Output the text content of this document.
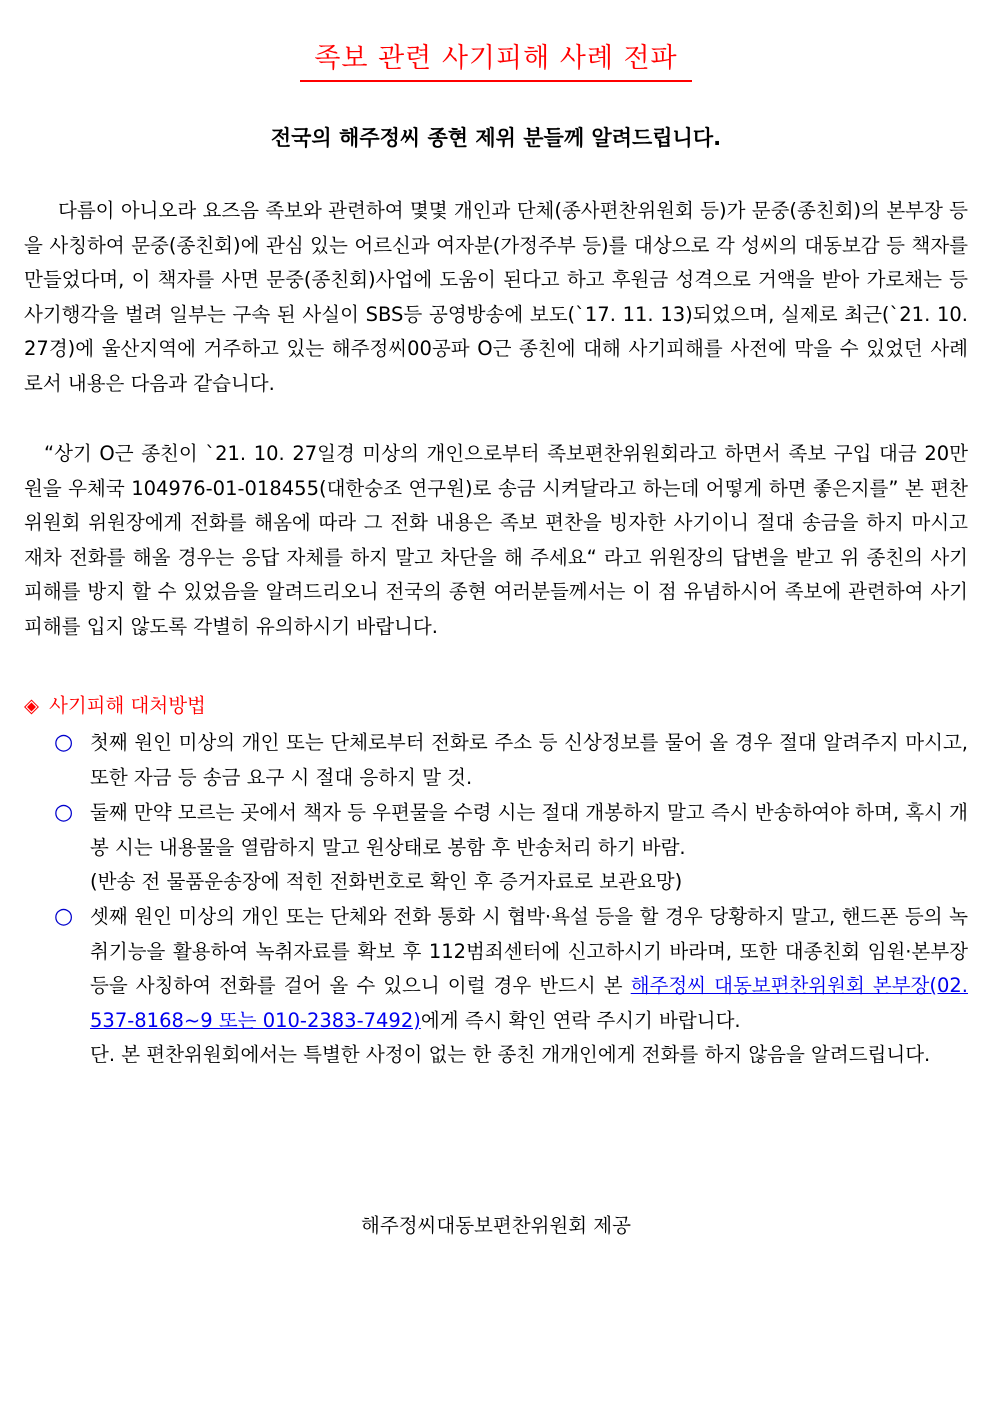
족보 관련 사기피해 사례 전파
전국의 해주정씨 종현 제위 분들께 알려드립니다.
다름이 아니오라 요즈음 족보와 관련하여 몇몇 개인과 단체(종사편찬위원회 등)가 문중(종친회)의 본부장 등을 사칭하여 문중(종친회)에 관심 있는 어르신과 여자분(가정주부 등)를 대상으로 각 성씨의 대동보감 등 책자를 만들었다며, 이 책자를 사면 문중(종친회)사업에 도움이 된다고 하고 후원금 성격으로 거액을 받아 가로채는 등 사기행각을 벌려 일부는 구속 된 사실이 SBS등 공영방송에 보도(`17. 11. 13)되었으며, 실제로 최근(`21. 10. 27경)에 울산지역에 거주하고 있는 해주정씨00공파 O근 종친에 대해 사기피해를 사전에 막을 수 있었던 사례로서 내용은 다음과 같습니다.
“상기 O근 종친이 `21. 10. 27일경 미상의 개인으로부터 족보편찬위원회라고 하면서 족보 구입 대금 20만원을 우체국 104976-01-018455(대한숭조 연구원)로 송금 시켜달라고 하는데 어떻게 하면 좋은지를” 본 편찬위원회 위원장에게 전화를 해옴에 따라 그 전화 내용은 족보 편찬을 빙자한 사기이니 절대 송금을 하지 마시고 재차 전화를 해올 경우는 응답 자체를 하지 말고 차단을 해 주세요“ 라고 위원장의 답변을 받고 위 종친의 사기피해를 방지 할 수 있었음을 알려드리오니 전국의 종현 여러분들께서는 이 점 유념하시어 족보에 관련하여 사기 피해를 입지 않도록 각별히 유의하시기 바랍니다.
◈ 사기피해 대처방법
○ 첫째 원인 미상의 개인 또는 단체로부터 전화로 주소 등 신상정보를 물어 올 경우 절대 알려주지 마시고, 또한 자금 등 송금 요구 시 절대 응하지 말 것.
○ 둘째 만약 모르는 곳에서 책자 등 우편물을 수령 시는 절대 개봉하지 말고 즉시 반송하여야 하며, 혹시 개봉 시는 내용물을 열람하지 말고 원상태로 봉함 후 반송처리 하기 바람.
(반송 전 물품운송장에 적힌 전화번호로 확인 후 증거자료로 보관요망)
○ 셋째 원인 미상의 개인 또는 단체와 전화 통화 시 협박·욕설 등을 할 경우 당황하지 말고, 핸드폰 등의 녹취기능을 활용하여 녹취자료를 확보 후 112범죄센터에 신고하시기 바라며, 또한 대종친회 임원·본부장 등을 사칭하여 전화를 걸어 올 수 있으니 이럴 경우 반드시 본 해주정씨 대동보편찬위원회 본부장(02. 537-8168~9 또는 010-2383-7492)에게 즉시 확인 연락 주시기 바랍니다.
단. 본 편찬위원회에서는 특별한 사정이 없는 한 종친 개개인에게 전화를 하지 않음을 알려드립니다.
해주정씨대동보편찬위원회 제공
